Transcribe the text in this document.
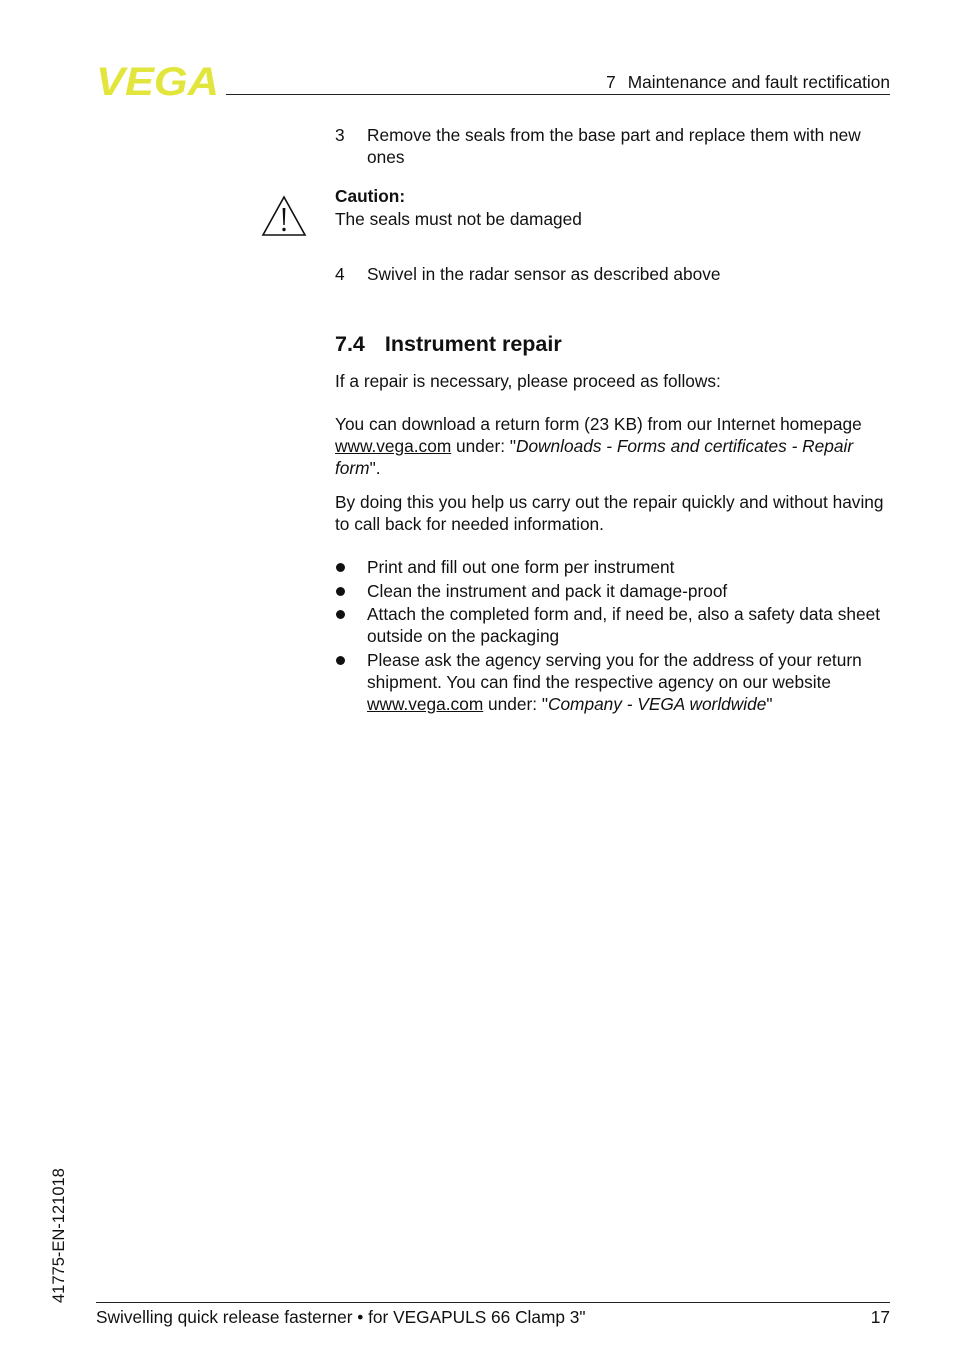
VEGA	7 Maintenance and fault rectification
3 Remove the seals from the base part and replace them with new ones
Caution:
The seals must not be damaged
4 Swivel in the radar sensor as described above
7.4 Instrument repair
If a repair is necessary, please proceed as follows:
You can download a return form (23 KB) from our Internet homepage
www.vega.com under: "Downloads - Forms and certificates - Repair form".
By doing this you help us carry out the repair quickly and without having to call back for needed information.
Print and fill out one form per instrument
Clean the instrument and pack it damage-proof
Attach the completed form and, if need be, also a safety data sheet outside on the packaging
Please ask the agency serving you for the address of your return shipment. You can find the respective agency on our website www.vega.com under: "Company - VEGA worldwide"
41775-EN-121018
Swivelling quick release fasterner • for VEGAPULS 66 Clamp 3"	17
